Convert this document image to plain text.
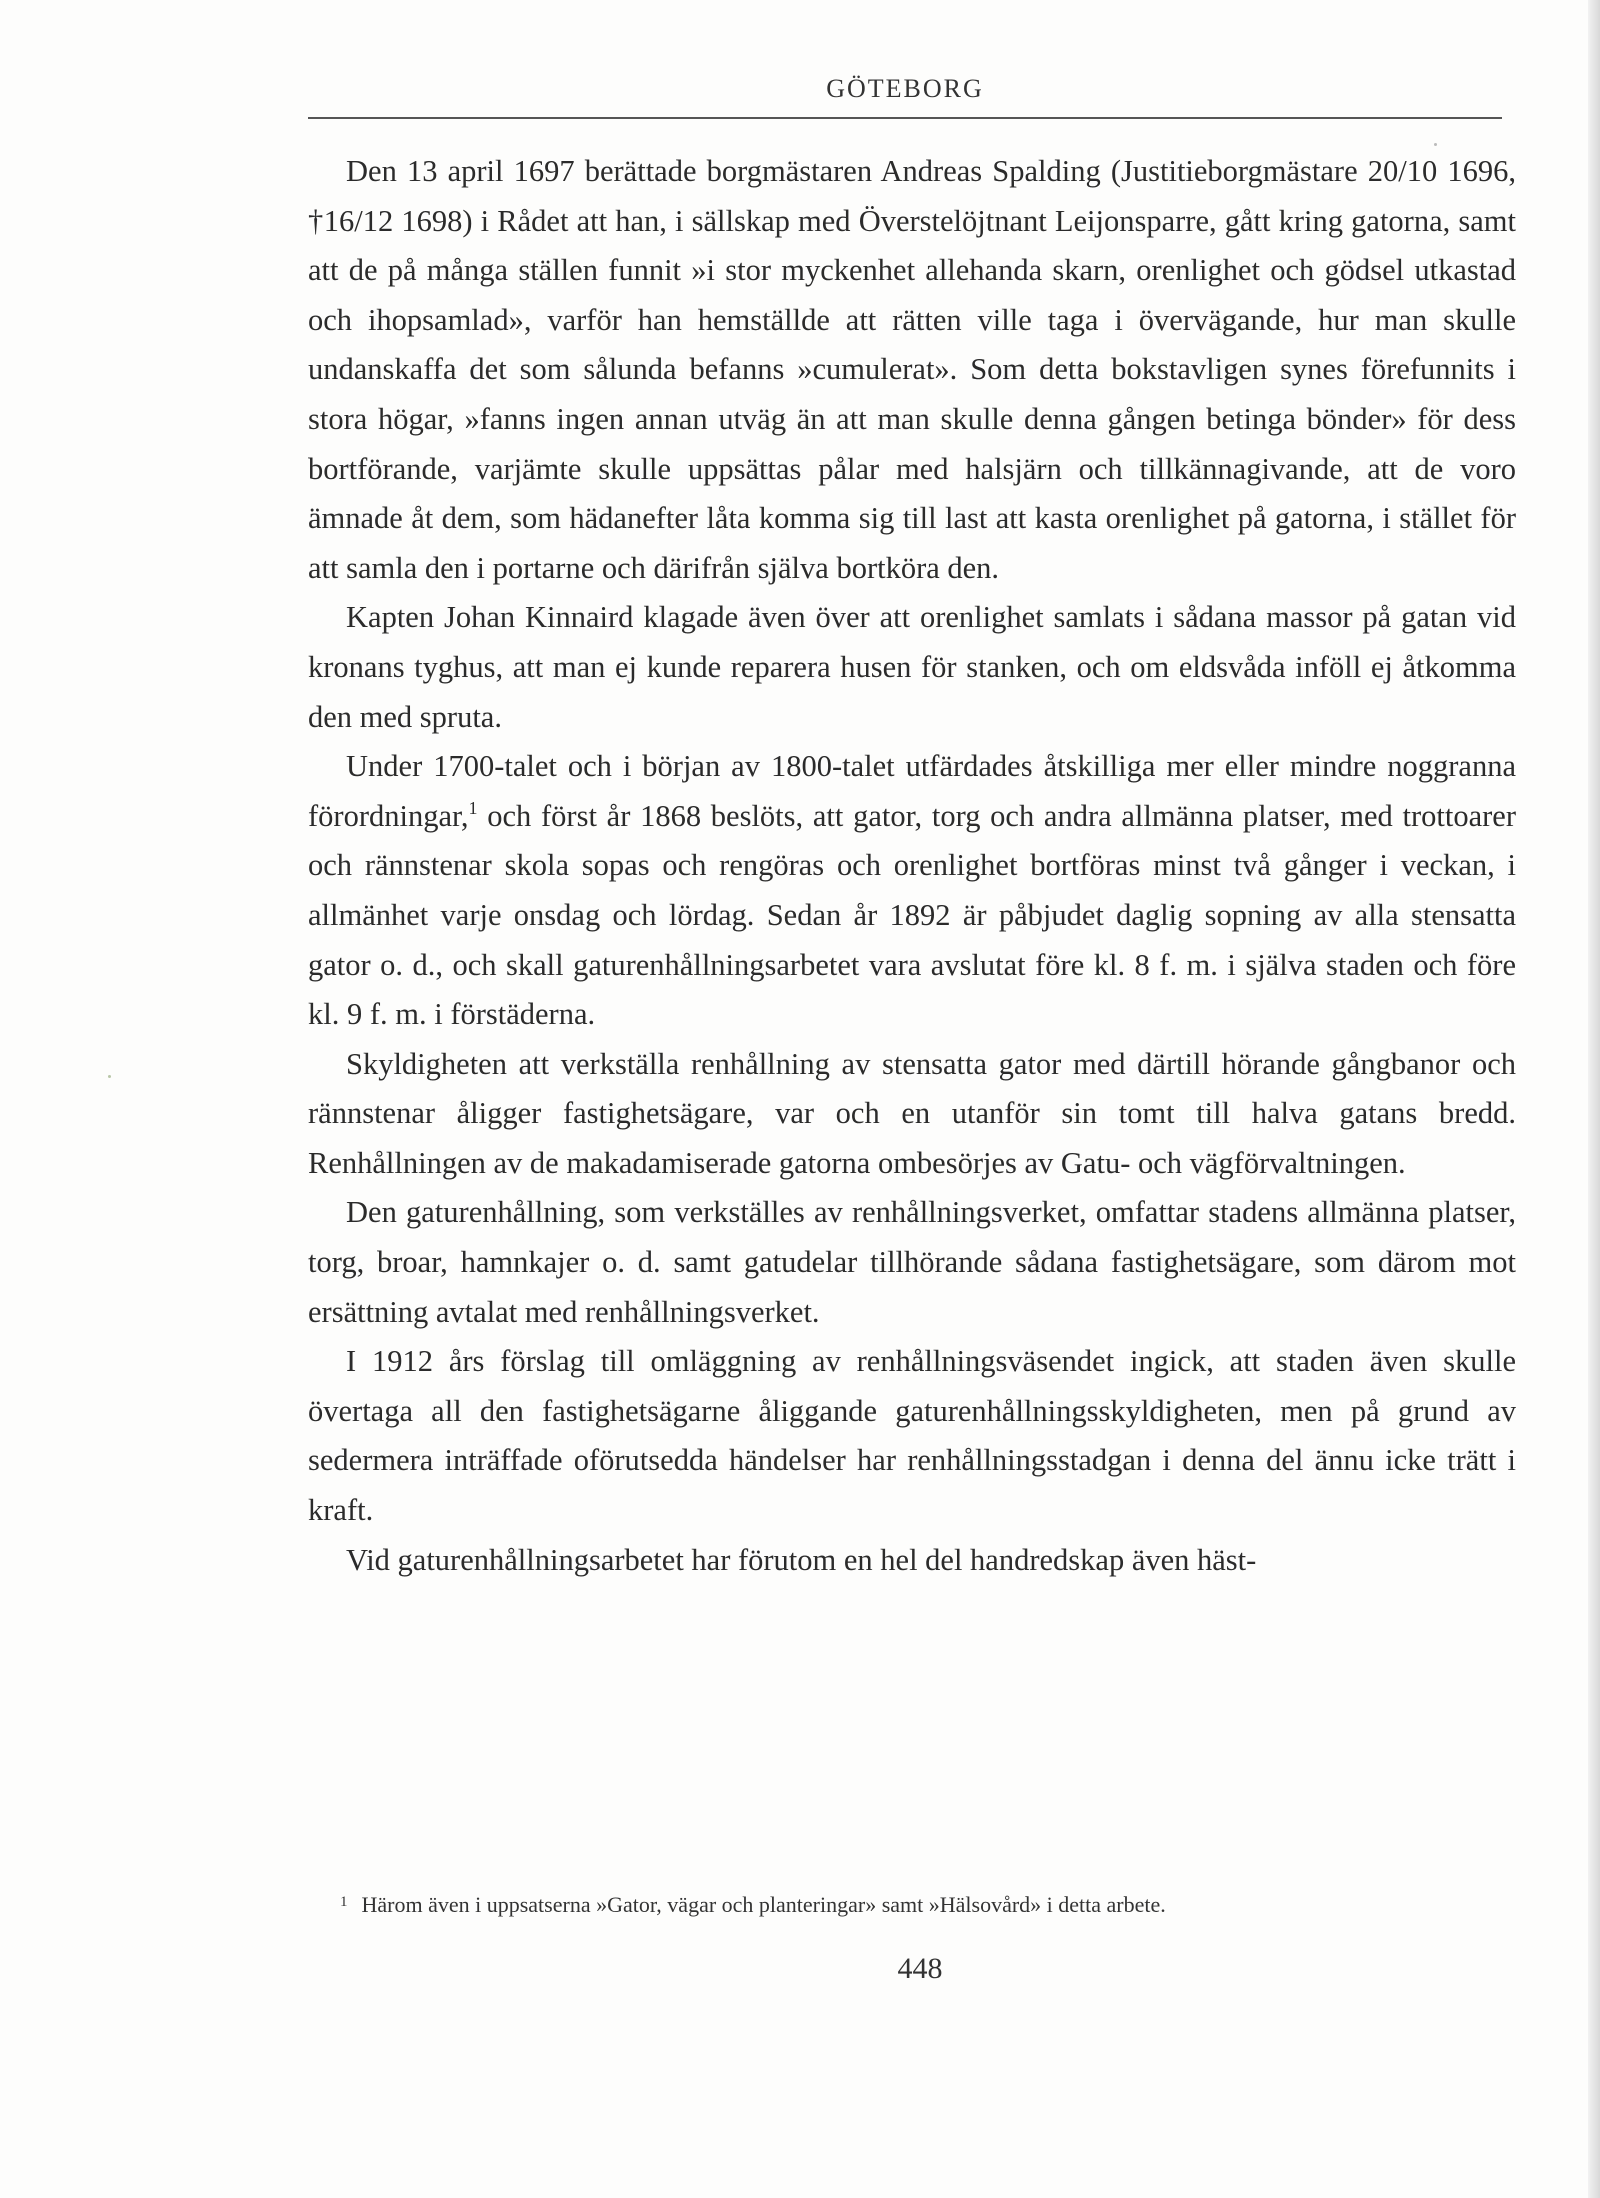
GÖTEBORG

Den 13 april 1697 berättade borgmästaren Andreas Spalding (Justitieborgmästare 20/10 1696, †16/12 1698) i Rådet att han, i sällskap med Överstelöjtnant Leijonsparre, gått kring gatorna, samt att de på många ställen funnit »i stor myckenhet allehanda skarn, orenlighet och gödsel utkastad och ihopsamlad», varför han hemställde att rätten ville taga i övervägande, hur man skulle undanskaffa det som sålunda befanns »cumulerat». Som detta bokstavligen synes förefunnits i stora högar, »fanns ingen annan utväg än att man skulle denna gången betinga bönder» för dess bortförande, varjämte skulle uppsättas pålar med halsjärn och tillkännagivande, att de voro ämnade åt dem, som hädanefter låta komma sig till last att kasta orenlighet på gatorna, i stället för att samla den i portarne och därifrån själva bortköra den.

Kapten Johan Kinnaird klagade även över att orenlighet samlats i sådana massor på gatan vid kronans tyghus, att man ej kunde reparera husen för stanken, och om eldsvåda inföll ej åtkomma den med spruta.

Under 1700-talet och i början av 1800-talet utfärdades åtskilliga mer eller mindre noggranna förordningar,$^1$ och först år 1868 beslöts, att gator, torg och andra allmänna platser, med trottoarer och rännstenar skola sopas och rengöras och orenlighet bortföras minst två gånger i veckan, i allmänhet varje onsdag och lördag. Sedan år 1892 är påbjudet daglig sopning av alla stensatta gator o. d., och skall gaturenhållningsarbetet vara avslutat före kl. 8 f. m. i själva staden och före kl. 9 f. m. i förstäderna.

Skyldigheten att verkställa renhållning av stensatta gator med därtill hörande gångbanor och rännstenar åligger fastighetsägare, var och en utanför sin tomt till halva gatans bredd. Renhållningen av de makadamiserade gatorna ombesörjes av Gatu- och vägförvaltningen.

Den gaturenhållning, som verkställes av renhållningsverket, omfattar stadens allmänna platser, torg, broar, hamnkajer o. d. samt gatudelar tillhörande sådana fastighetsägare, som därom mot ersättning avtalat med renhållningsverket.

I 1912 års förslag till omläggning av renhållningsväsendet ingick, att staden även skulle övertaga all den fastighetsägarne åliggande gaturenhållningsskyldigheten, men på grund av sedermera inträffade oförutsedda händelser har renhållningsstadgan i denna del ännu icke trätt i kraft.

Vid gaturenhållningsarbetet har förutom en hel del handredskap även häst-

$^1$ Härom även i uppsatserna »Gator, vägar och planteringar» samt »Hälsovård» i detta arbete.
448
